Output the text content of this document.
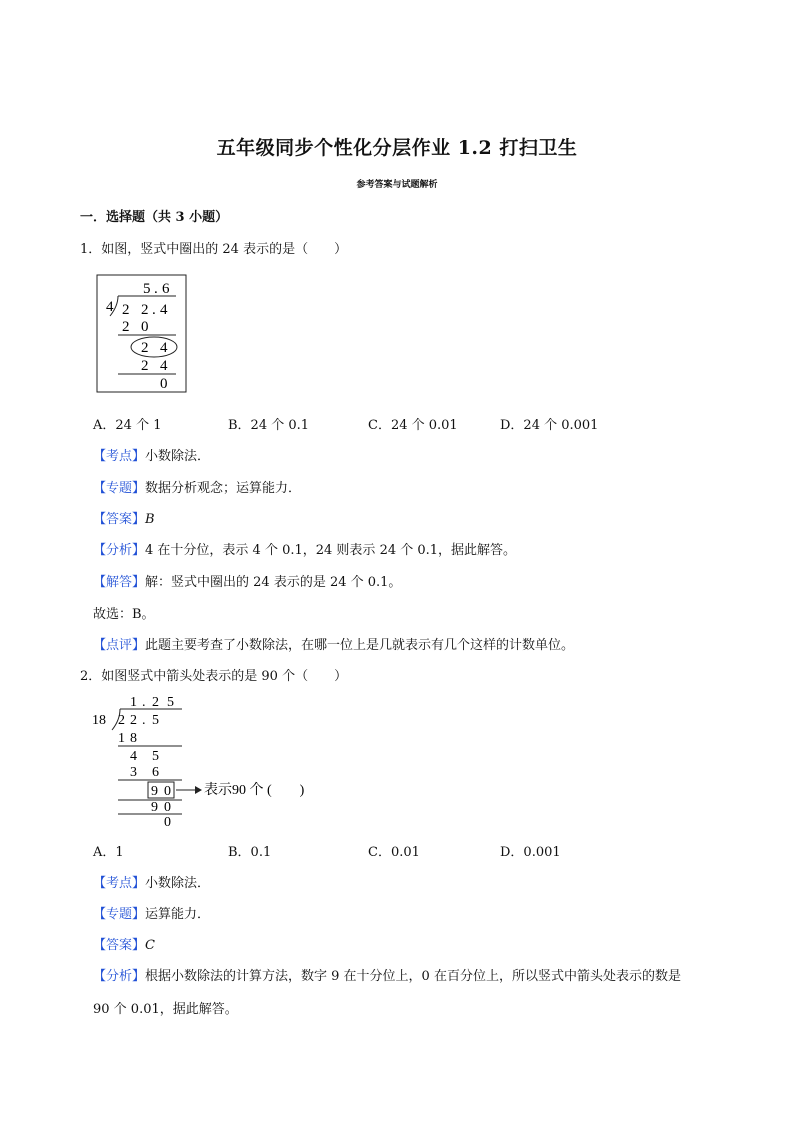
五年级同步个性化分层作业 1.2 打扫卫生
参考答案与试题解析
一．选择题（共 3 小题）
1．如图，竖式中圈出的 24 表示的是（　　）
5 . 6
4 2 2 . 4
2 0
2 4
2 4
0
A．24 个 1	B．24 个 0.1	C．24 个 0.01	D．24 个 0.001
【考点】小数除法．
【专题】数据分析观念；运算能力．
【答案】B
【分析】4 在十分位，表示 4 个 0.1，24 则表示 24 个 0.1，据此解答。
【解答】解：竖式中圈出的 24 表示的是 24 个 0.1。
故选：B。
【点评】此题主要考查了小数除法，在哪一位上是几就表示有几个这样的计数单位。
2．如图竖式中箭头处表示的是 90 个（　　）
1 . 2 5
18 2 2 . 5
1 8
4 5
3 6
9 0 表示90 个 (　　)
9 0
0
A．1	B．0.1	C．0.01	D．0.001
【考点】小数除法．
【专题】运算能力．
【答案】C
【分析】根据小数除法的计算方法，数字 9 在十分位上，0 在百分位上，所以竖式中箭头处表示的数是
90 个 0.01，据此解答。
